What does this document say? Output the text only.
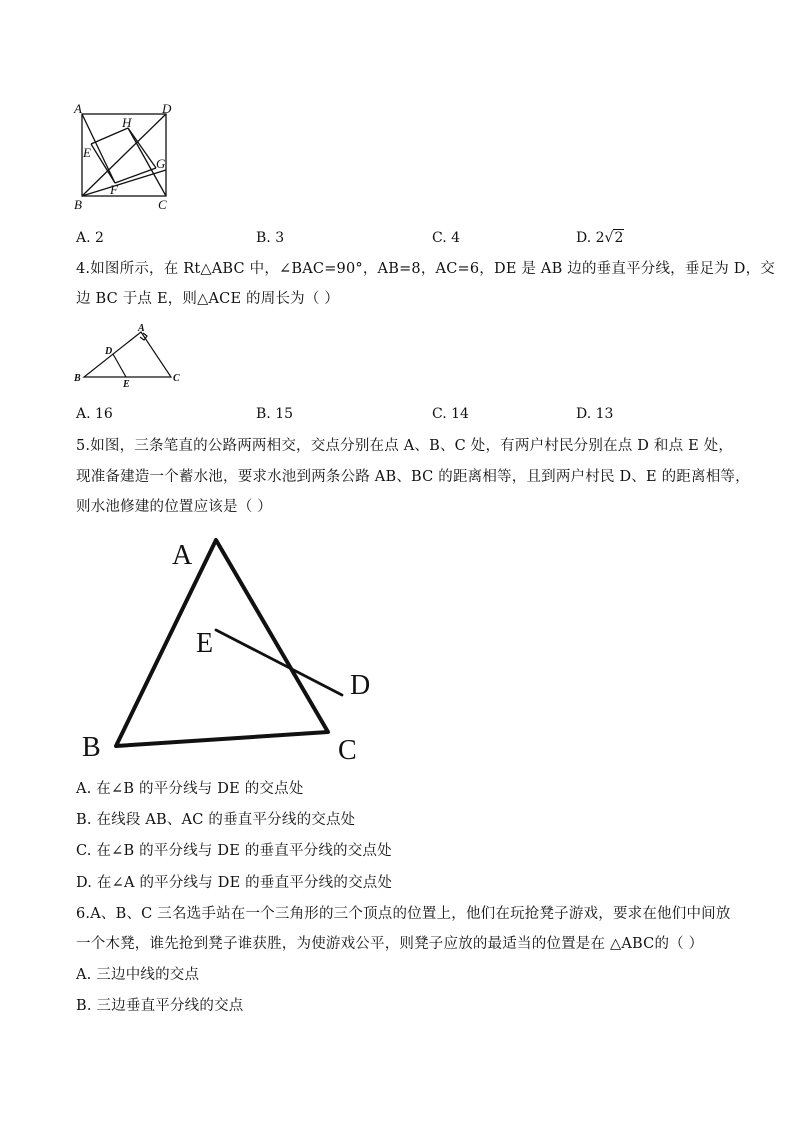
A	D
H
E
G
F
B	C
A. 2	B. 3	C. 4	D. 2√2
4.如图所示，在 Rt△ABC 中，∠BAC=90°，AB=8，AC=6，DE 是 AB 边的垂直平分线，垂足为 D，交
边 BC 于点 E，则△ACE 的周长为（ ）
A
D
B
E
C
A. 16	B. 15	C. 14	D. 13
5.如图，三条笔直的公路两两相交，交点分别在点 A、B、C 处，有两户村民分别在点 D 和点 E 处，
现准备建造一个蓄水池，要求水池到两条公路 AB、BC 的距离相等，且到两户村民 D、E 的距离相等，
则水池修建的位置应该是（ ）
A
E
D
B	C
A. 在∠B 的平分线与 DE 的交点处
B. 在线段 AB、AC 的垂直平分线的交点处
C. 在∠B 的平分线与 DE 的垂直平分线的交点处
D. 在∠A 的平分线与 DE 的垂直平分线的交点处
6.A、B、C 三名选手站在一个三角形的三个顶点的位置上，他们在玩抢凳子游戏，要求在他们中间放
一个木凳，谁先抢到凳子谁获胜，为使游戏公平，则凳子应放的最适当的位置是在 △ABC的（ ）
A. 三边中线的交点
B. 三边垂直平分线的交点
